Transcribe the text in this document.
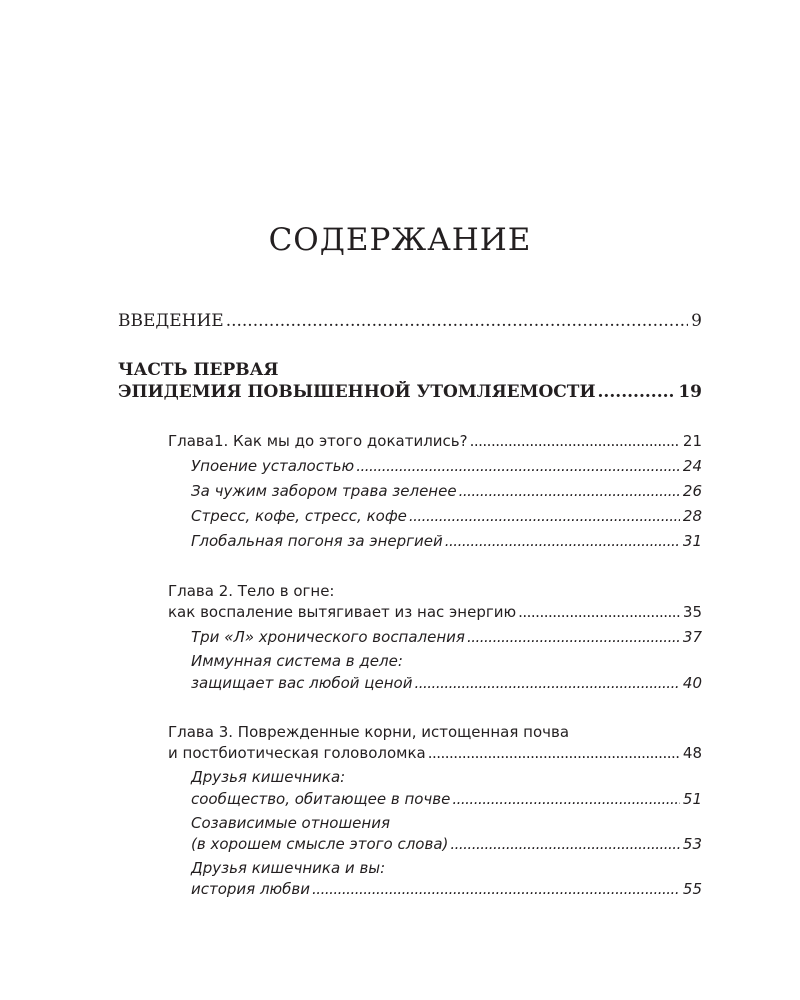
СОДЕРЖАНИЕ
ВВЕДЕНИЕ .....	9
ЧАСТЬ ПЕРВАЯ
ЭПИДЕМИЯ ПОВЫШЕННОЙ УТОМЛЯЕМОСТИ .....	19
Глава1. Как мы до этого докатились? .....	21
Упоение усталостью .....	24
За чужим забором трава зеленее .....	26
Стресс, кофе, стресс, кофе .....	28
Глобальная погоня за энергией .....	31
Глава 2. Тело в огне:
как воспаление вытягивает из нас энергию .....	35
Три «Л» хронического воспаления .....	37
Иммунная система в деле:
защищает вас любой ценой .....	40
Глава 3. Поврежденные корни, истощенная почва
и постбиотическая головоломка .....	48
Друзья кишечника:
сообщество, обитающее в почве .....	51
Созависимые отношения
(в хорошем смысле этого слова) .....	53
Друзья кишечника и вы:
история любви .....	55
